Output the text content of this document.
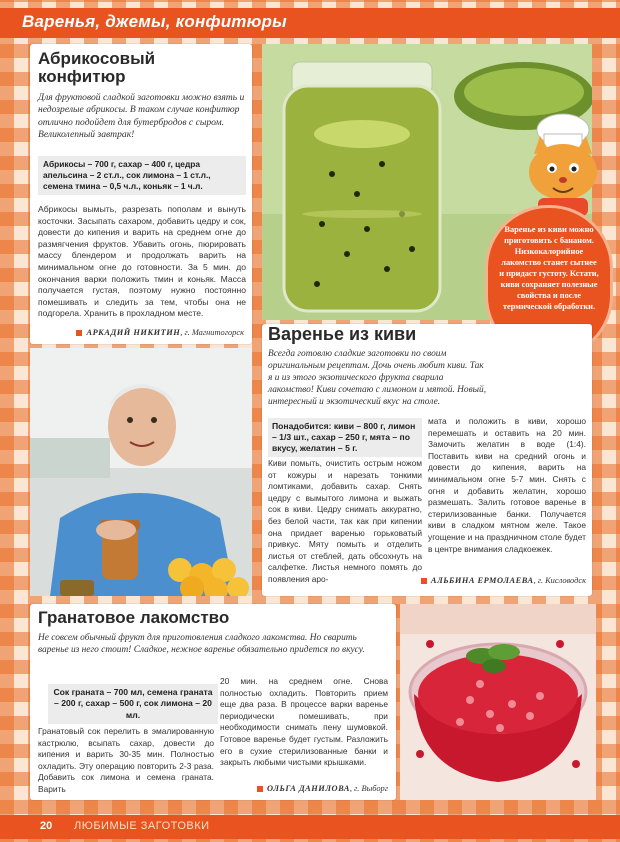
Варенья, джемы, конфитюры
Абрикосовый конфитюр
Для фруктовой сладкой заготовки можно взять и недозрелые абрикосы. В таком случае конфитюр отлично подойдет для бутербродов с сыром. Великолепный завтрак!
Абрикосы – 700 г, сахар – 400 г, цедра апельсина – 2 ст.л., сок лимона – 1 ст.л., семена тмина – 0,5 ч.л., коньяк – 1 ч.л.
Абрикосы вымыть, разрезать пополам и вынуть косточки. Засыпать сахаром, добавить цедру и сок, довести до кипения и варить на среднем огне до размягчения фруктов. Убавить огонь, пюрировать массу блендером и продолжать варить на минимальном огне до готовности. За 5 мин. до окончания варки положить тмин и коньяк. Масса получается густая, поэтому нужно постоянно помешивать и следить за тем, чтобы она не подгорела. Хранить в прохладном месте.
АРКАДИЙ НИКИТИН, г. Магнитогорск
Варенье из киви можно приготовить с бананом. Низкокалорийное лакомство станет сытнее и придаст густоту. Кстати, киви сохраняет полезные свойства и после термической обработки.
Варенье из киви
Всегда готовлю сладкие заготовки по своим оригинальным рецептам. Дочь очень любит киви. Так я и из этого экзотического фрукта сварила лакомство! Киви сочетаю с лимоном и мятой. Новый, интересный и экзотический вкус на столе.
Понадобится: киви – 800 г, лимон – 1/3 шт., сахар – 250 г, мята – по вкусу, желатин – 5 г.
Киви помыть, очистить острым ножом от кожуры и нарезать тонкими ломтиками, добавить сахар. Снять цедру с вымытого лимона и выжать сок в киви. Цедру снимать аккуратно, без белой части, так как при кипении она придает варенью горьковатый привкус. Мяту помыть и отделить листья от стеблей, дать обсохнуть на салфетке. Листья немного помять до появления аро-
мата и положить в киви, хорошо перемешать и оставить на 20 мин. Замочить желатин в воде (1:4). Поставить киви на средний огонь и довести до кипения, варить на минимальном огне 5-7 мин. Снять с огня и добавить желатин, хорошо размешать. Залить готовое варенье в стерилизованные банки. Получается киви в сладком мятном желе. Такое угощение и на праздничном столе будет в центре внимания сладкоежек.
АЛЬБИНА ЕРМОЛАЕВА, г. Кисловодск
Гранатовое лакомство
Не совсем обычный фрукт для приготовления сладкого лакомства. Но сварить варенье из него стоит! Сладкое, нежное варенье обязательно придется по вкусу.
Сок граната – 700 мл, семена граната – 200 г, сахар – 500 г, сок лимона – 20 мл.
Гранатовый сок перелить в эмалированную кастрюлю, всыпать сахар, довести до кипения и варить 30-35 мин. Полностью охладить. Эту операцию повторить 2-3 раза. Добавить сок лимона и семена граната. Варить
20 мин. на среднем огне. Снова полностью охладить. Повторить прием еще два раза. В процессе варки варенье периодически помешивать, при необходимости снимать пену шумовкой. Готовое варенье будет густым. Разложить его в сухие стерилизованные банки и закрыть любыми чистыми крышками.
ОЛЬГА ДАНИЛОВА, г. Выборг
20 ЛЮБИМЫЕ ЗАГОТОВКИ
